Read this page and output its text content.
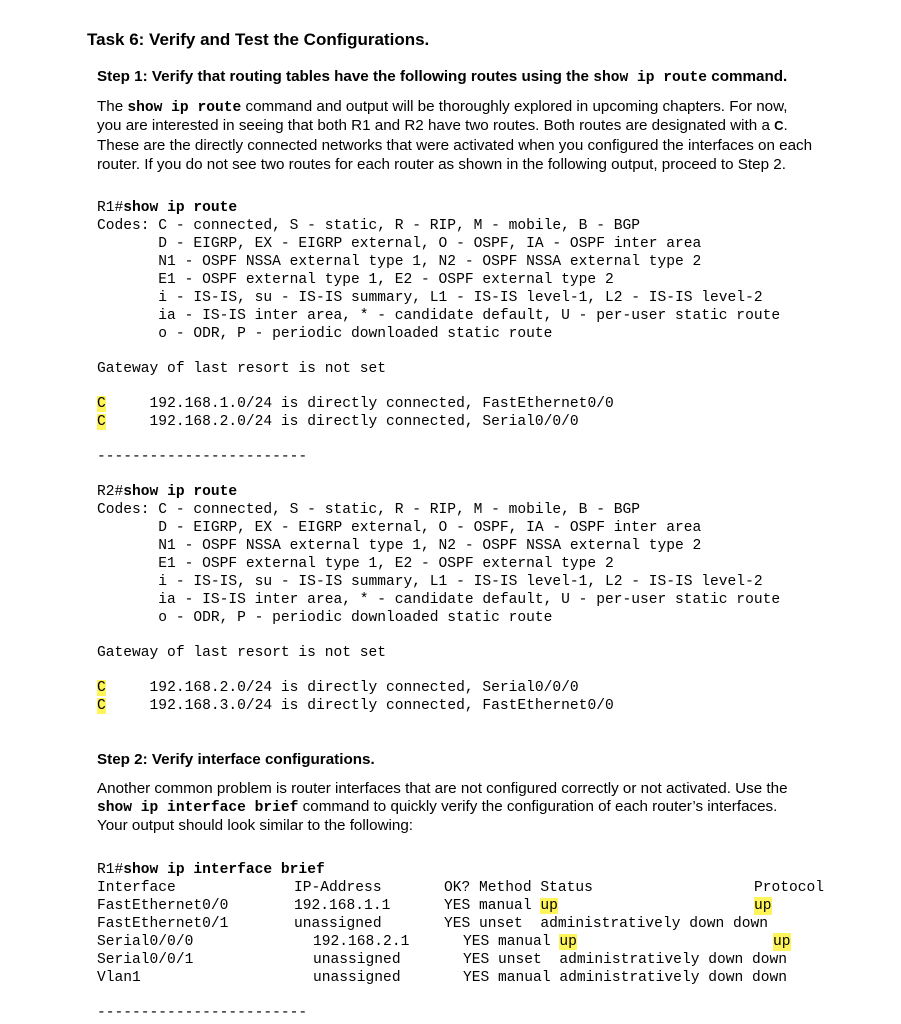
Task 6: Verify and Test the Configurations.
Step 1: Verify that routing tables have the following routes using the show ip route command.
The show ip route command and output will be thoroughly explored in upcoming chapters. For now,
you are interested in seeing that both R1 and R2 have two routes. Both routes are designated with a C.
These are the directly connected networks that were activated when you configured the interfaces on each router. If you do not see two routes for each router as shown in the following output, proceed to Step 2.
R1#show ip route
Codes: C - connected, S - static, R - RIP, M - mobile, B - BGP
D - EIGRP, EX - EIGRP external, O - OSPF, IA - OSPF inter area
N1 - OSPF NSSA external type 1, N2 - OSPF NSSA external type 2
E1 - OSPF external type 1, E2 - OSPF external type 2
i - IS-IS, su - IS-IS summary, L1 - IS-IS level-1, L2 - IS-IS level-2
ia - IS-IS inter area, * - candidate default, U - per-user static route
o - ODR, P - periodic downloaded static route
Gateway of last resort is not set
C     192.168.1.0/24 is directly connected, FastEthernet0/0
C     192.168.2.0/24 is directly connected, Serial0/0/0
------------------------
R2#show ip route
Codes: C - connected, S - static, R - RIP, M - mobile, B - BGP
D - EIGRP, EX - EIGRP external, O - OSPF, IA - OSPF inter area
N1 - OSPF NSSA external type 1, N2 - OSPF NSSA external type 2
E1 - OSPF external type 1, E2 - OSPF external type 2
i - IS-IS, su - IS-IS summary, L1 - IS-IS level-1, L2 - IS-IS level-2
ia - IS-IS inter area, * - candidate default, U - per-user static route
o - ODR, P - periodic downloaded static route
Gateway of last resort is not set
C     192.168.2.0/24 is directly connected, Serial0/0/0
C     192.168.3.0/24 is directly connected, FastEthernet0/0
Step 2: Verify interface configurations.
Another common problem is router interfaces that are not configured correctly or not activated. Use the
show ip interface brief command to quickly verify the configuration of each router’s interfaces.
Your output should look similar to the following:
R1#show ip interface brief
Interface	IP-Address	OK? Method Status	Protocol
FastEthernet0/0	192.168.1.1	YES manual up	up
FastEthernet0/1	unassigned	YES unset  administratively down down
Serial0/0/0	192.168.2.1	YES manual up	up
Serial0/0/1	unassigned	YES unset  administratively down down
Vlan1	unassigned	YES manual administratively down down
------------------------
